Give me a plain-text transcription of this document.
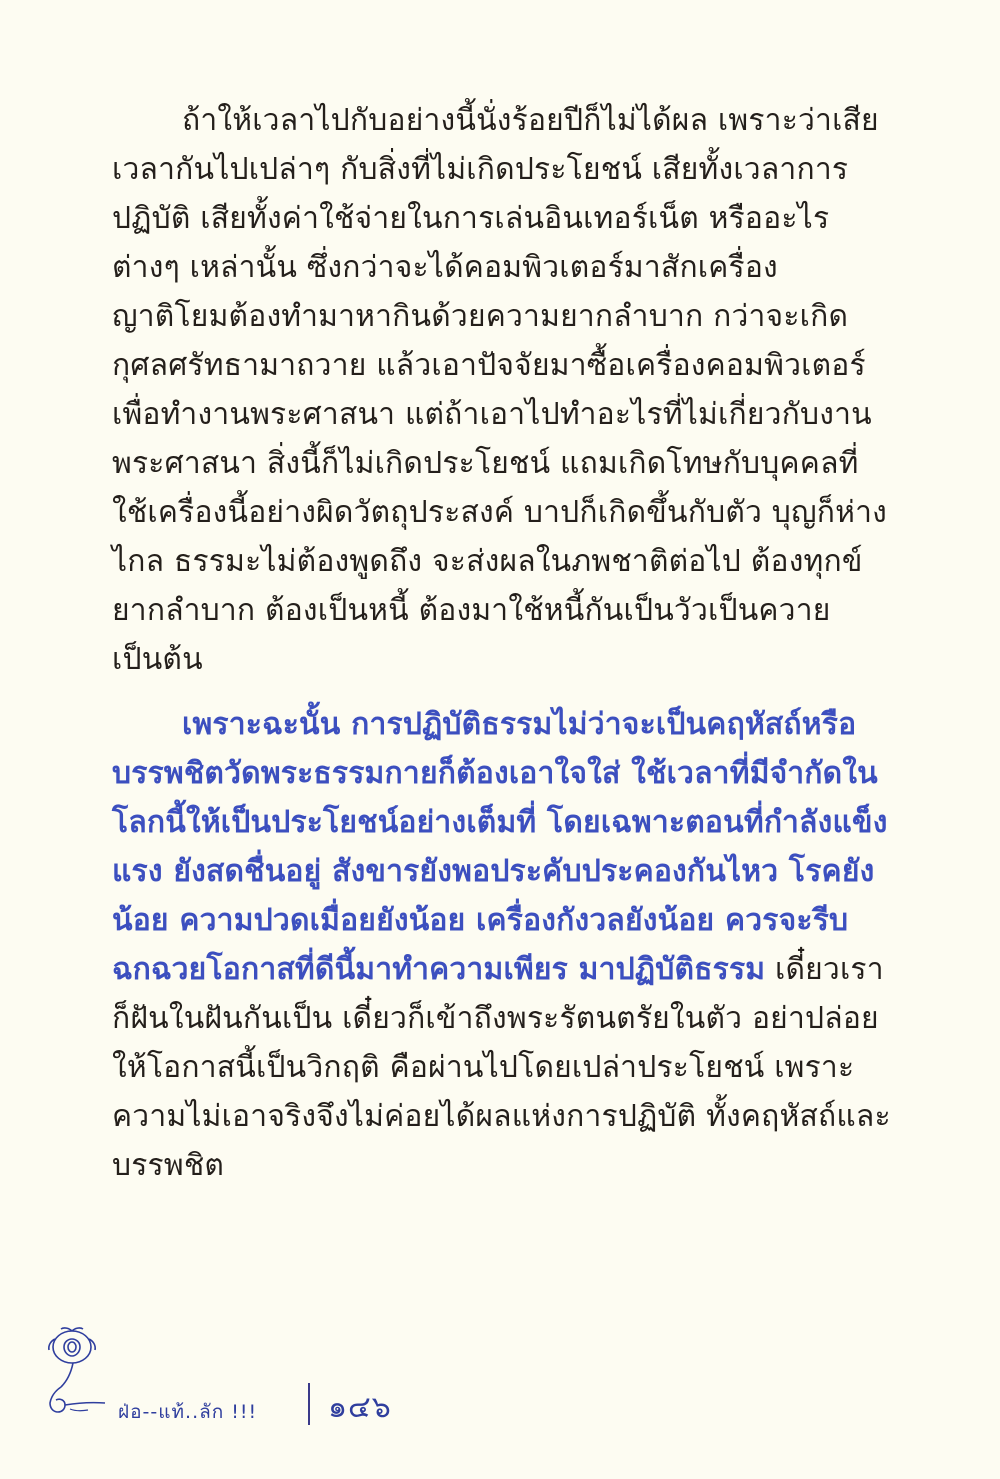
ถ้าให้เวลาไปกับอย่างนี้นั่งร้อยปีก็ไม่ได้ผล เพราะว่าเสียเวลากันไปเปล่าๆ กับสิ่งที่ไม่เกิดประโยชน์ เสียทั้งเวลาการปฏิบัติ เสียทั้งค่าใช้จ่ายในการเล่นอินเทอร์เน็ต หรืออะไรต่างๆ เหล่านั้น ซึ่งกว่าจะได้คอมพิวเตอร์มาสักเครื่อง ญาติโยมต้องทำมาหากินด้วยความยากลำบาก กว่าจะเกิดกุศลศรัทธามาถวาย แล้วเอาปัจจัยมาซื้อเครื่องคอมพิวเตอร์เพื่อทำงานพระศาสนา แต่ถ้าเอาไปทำอะไรที่ไม่เกี่ยวกับงานพระศาสนา สิ่งนี้ก็ไม่เกิดประโยชน์ แถมเกิดโทษกับบุคคลที่ใช้เครื่องนี้อย่างผิดวัตถุประสงค์ บาปก็เกิดขึ้นกับตัว บุญก็ห่างไกล ธรรมะไม่ต้องพูดถึง จะส่งผลในภพชาติต่อไป ต้องทุกข์ยากลำบาก ต้องเป็นหนี้ ต้องมาใช้หนี้กันเป็นวัวเป็นควาย เป็นต้น

เพราะฉะนั้น การปฏิบัติธรรมไม่ว่าจะเป็นคฤหัสถ์หรือบรรพชิตวัดพระธรรมกายก็ต้องเอาใจใส่ ใช้เวลาที่มีจำกัดในโลกนี้ให้เป็นประโยชน์อย่างเต็มที่ โดยเฉพาะตอนที่กำลังแข็งแรง ยังสดชื่นอยู่ สังขารยังพอประคับประคองกันไหว โรคยังน้อย ความปวดเมื่อยยังน้อย เครื่องกังวลยังน้อย ควรจะรีบฉกฉวยโอกาสที่ดีนี้มาทำความเพียร มาปฏิบัติธรรม เดี๋ยวเราก็ฝันในฝันกันเป็น เดี๋ยวก็เข้าถึงพระรัตนตรัยในตัว อย่าปล่อยให้โอกาสนี้เป็นวิกฤติ คือผ่านไปโดยเปล่าประโยชน์ เพราะความไม่เอาจริงจึงไม่ค่อยได้ผลแห่งการปฏิบัติ ทั้งคฤหัสถ์และบรรพชิต

ฝ่อ--แท้..ลัก !!! ๑๔๖
